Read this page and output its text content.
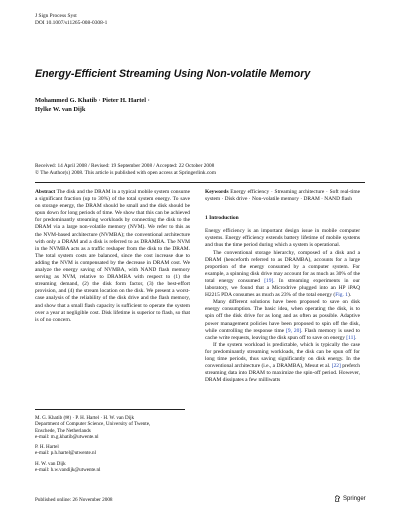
J Sign Process Syst
DOI 10.1007/s11265-008-0308-1
Energy-Efficient Streaming Using Non-volatile Memory
Mohammed G. Khatib · Pieter H. Hartel ·
Hylke W. van Dijk
Received: 14 April 2008 / Revised: 19 September 2008 / Accepted: 22 October 2008
© The Author(s) 2008. This article is published with open access at Springerlink.com

Abstract The disk and the DRAM in a typical mobile system consume a significant fraction (up to 30%) of the total system energy. To save on storage energy, the DRAM should be small and the disk should be spun down for long periods of time. We show that this can be achieved for predominantly streaming workloads by connecting the disk to the DRAM via a large non-volatile memory (NVM). We refer to this as the NVM-based architecture (NVMBA); the conventional architecture with only a DRAM and a disk is referred to as DRAMBA. The NVM in the NVMBA acts as a traffic reshaper from the disk to the DRAM. The total system costs are balanced, since the cost increase due to adding the NVM is compensated by the decrease in DRAM cost. We analyze the energy saving of NVMBA, with NAND flash memory serving as NVM, relative to DRAMBA with respect to (1) the streaming demand, (2) the disk form factor, (3) the best-effort provision, and (4) the stream location on the disk. We present a worst-case analysis of the reliability of the disk drive and the flash memory, and show that a small flash capacity is sufficient to operate the system over a year at negligible cost. Disk lifetime is superior to flash, so that is of no concern.

M. G. Khatib (✉) · P. H. Hartel · H. W. van Dijk
Department of Computer Science, University of Twente,
Enschede, The Netherlands
e-mail: m.g.khatib@utwente.nl
P. H. Hartel
e-mail: p.h.hartel@utwente.nl
H. W. van Dijk
e-mail: h.w.vandijk@utwente.nl

Keywords Energy efficiency · Streaming architecture · Soft real-time system · Disk drive · Non-volatile memory · DRAM · NAND flash

1 Introduction

Energy efficiency is an important design issue in mobile computer systems. Energy efficiency extends battery lifetime of mobile systems and thus the time period during which a system is operational.

The conventional storage hierarchy, composed of a disk and a DRAM (henceforth referred to as DRAMBA), accounts for a large proportion of the energy consumed by a computer system. For example, a spinning disk drive may account for as much as 30% of the total energy consumed [19]. In streaming experiments in our laboratory, we found that a Microdrive plugged into an HP iPAQ H2215 PDA consumes as much as 23% of the total energy (Fig. 1).

Many different solutions have been proposed to save on disk energy consumption. The basic idea, when operating the disk, is to spin off the disk drive for as long and as often as possible. Adaptive power management policies have been proposed to spin off the disk, while controlling the response time [9, 20]. Flash memory is used to cache write requests, leaving the disk spun off to save on energy [11].

If the system workload is predictable, which is typically the case for predominantly streaming workloads, the disk can be spun off for long time periods, thus saving significantly on disk energy. In the conventional architecture (i.e., a DRAMBA), Mesut et al. [22] prefetch streaming data into DRAM to maximize the spin-off period. However, DRAM dissipates a few milliwatts

Published online: 26 November 2008	Springer
